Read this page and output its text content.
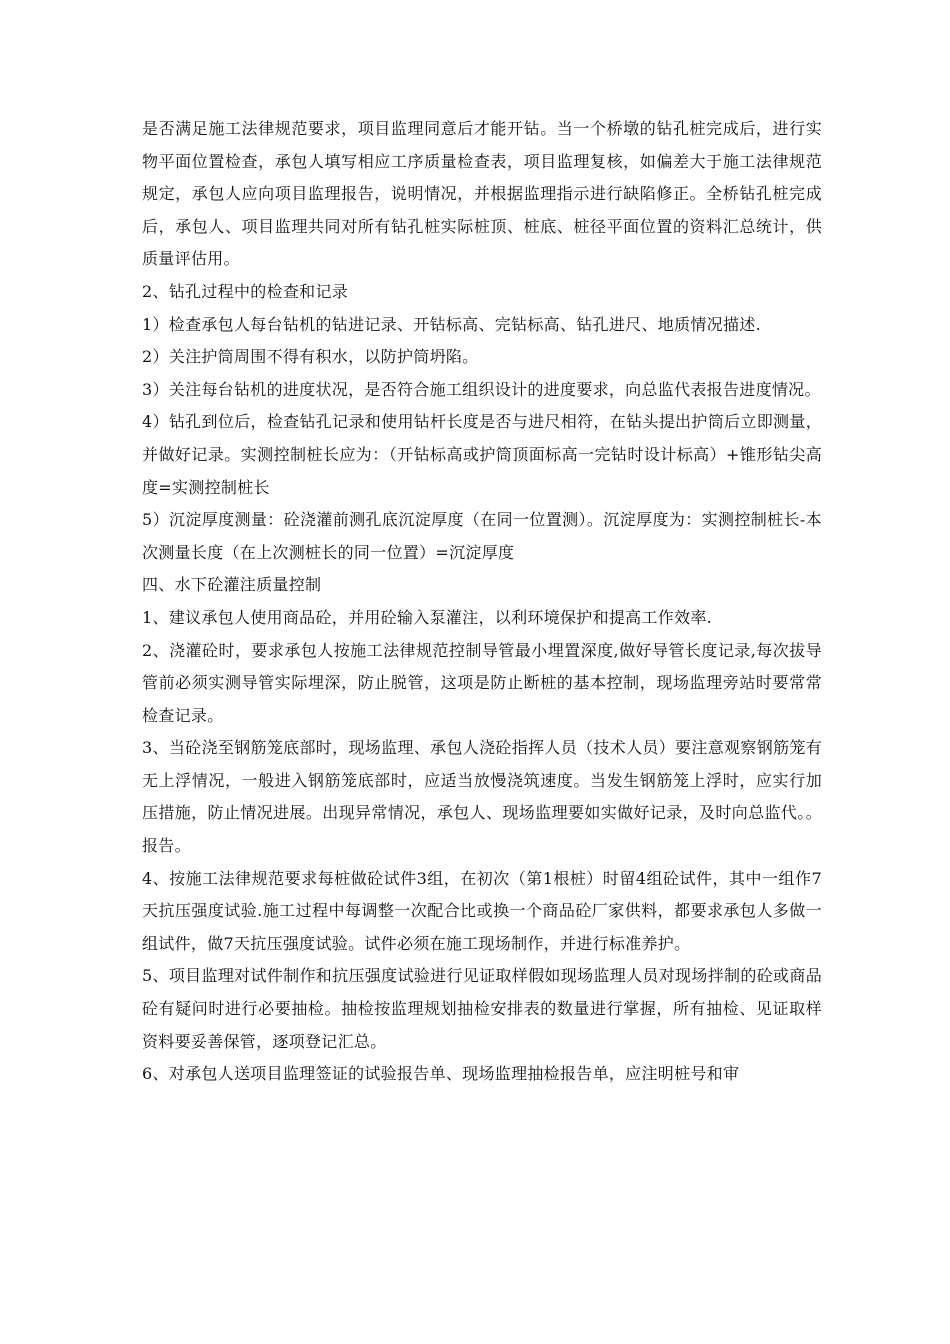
是否满足施工法律规范要求，项目监理同意后才能开钻。当一个桥墩的钻孔桩完成后，进行实物平面位置检查，承包人填写相应工序质量检查表，项目监理复核，如偏差大于施工法律规范规定，承包人应向项目监理报告，说明情况，并根据监理指示进行缺陷修正。全桥钻孔桩完成后，承包人、项目监理共同对所有钻孔桩实际桩顶、桩底、桩径平面位置的资料汇总统计，供质量评估用。

2、钻孔过程中的检查和记录

1）检查承包人每台钻机的钻进记录、开钻标高、完钻标高、钻孔进尺、地质情况描述.

2）关注护筒周围不得有积水，以防护筒坍陷。

3）关注每台钻机的进度状况，是否符合施工组织设计的进度要求，向总监代表报告进度情况。

4）钻孔到位后，检查钻孔记录和使用钻杆长度是否与进尺相符，在钻头提出护筒后立即测量，并做好记录。实测控制桩长应为：（开钻标高或护筒顶面标高一完钻时设计标高）+锥形钻尖高度=实测控制桩长

5）沉淀厚度测量：砼浇灌前测孔底沉淀厚度（在同一位置测）。沉淀厚度为：实测控制桩长-本次测量长度（在上次测桩长的同一位置）=沉淀厚度

四、水下砼灌注质量控制

1、建议承包人使用商品砼，并用砼输入泵灌注，以利环境保护和提高工作效率.

2、浇灌砼时，要求承包人按施工法律规范控制导管最小埋置深度,做好导管长度记录,每次拔导管前必须实测导管实际埋深，防止脱管，这项是防止断桩的基本控制，现场监理旁站时要常常检查记录。

3、当砼浇至钢筋笼底部时，现场监理、承包人浇砼指挥人员（技术人员）要注意观察钢筋笼有无上浮情况，一般进入钢筋笼底部时，应适当放慢浇筑速度。当发生钢筋笼上浮时，应实行加压措施，防止情况进展。出现异常情况，承包人、现场监理要如实做好记录，及时向总监代。。报告。

4、按施工法律规范要求每桩做砼试件3组，在初次（第1根桩）时留4组砼试件，其中一组作7天抗压强度试验.施工过程中每调整一次配合比或换一个商品砼厂家供料，都要求承包人多做一组试件，做7天抗压强度试验。试件必须在施工现场制作，并进行标准养护。

5、项目监理对试件制作和抗压强度试验进行见证取样假如现场监理人员对现场拌制的砼或商品砼有疑问时进行必要抽检。抽检按监理规划抽检安排表的数量进行掌握，所有抽检、见证取样资料要妥善保管，逐项登记汇总。

6、对承包人送项目监理签证的试验报告单、现场监理抽检报告单，应注明桩号和审
